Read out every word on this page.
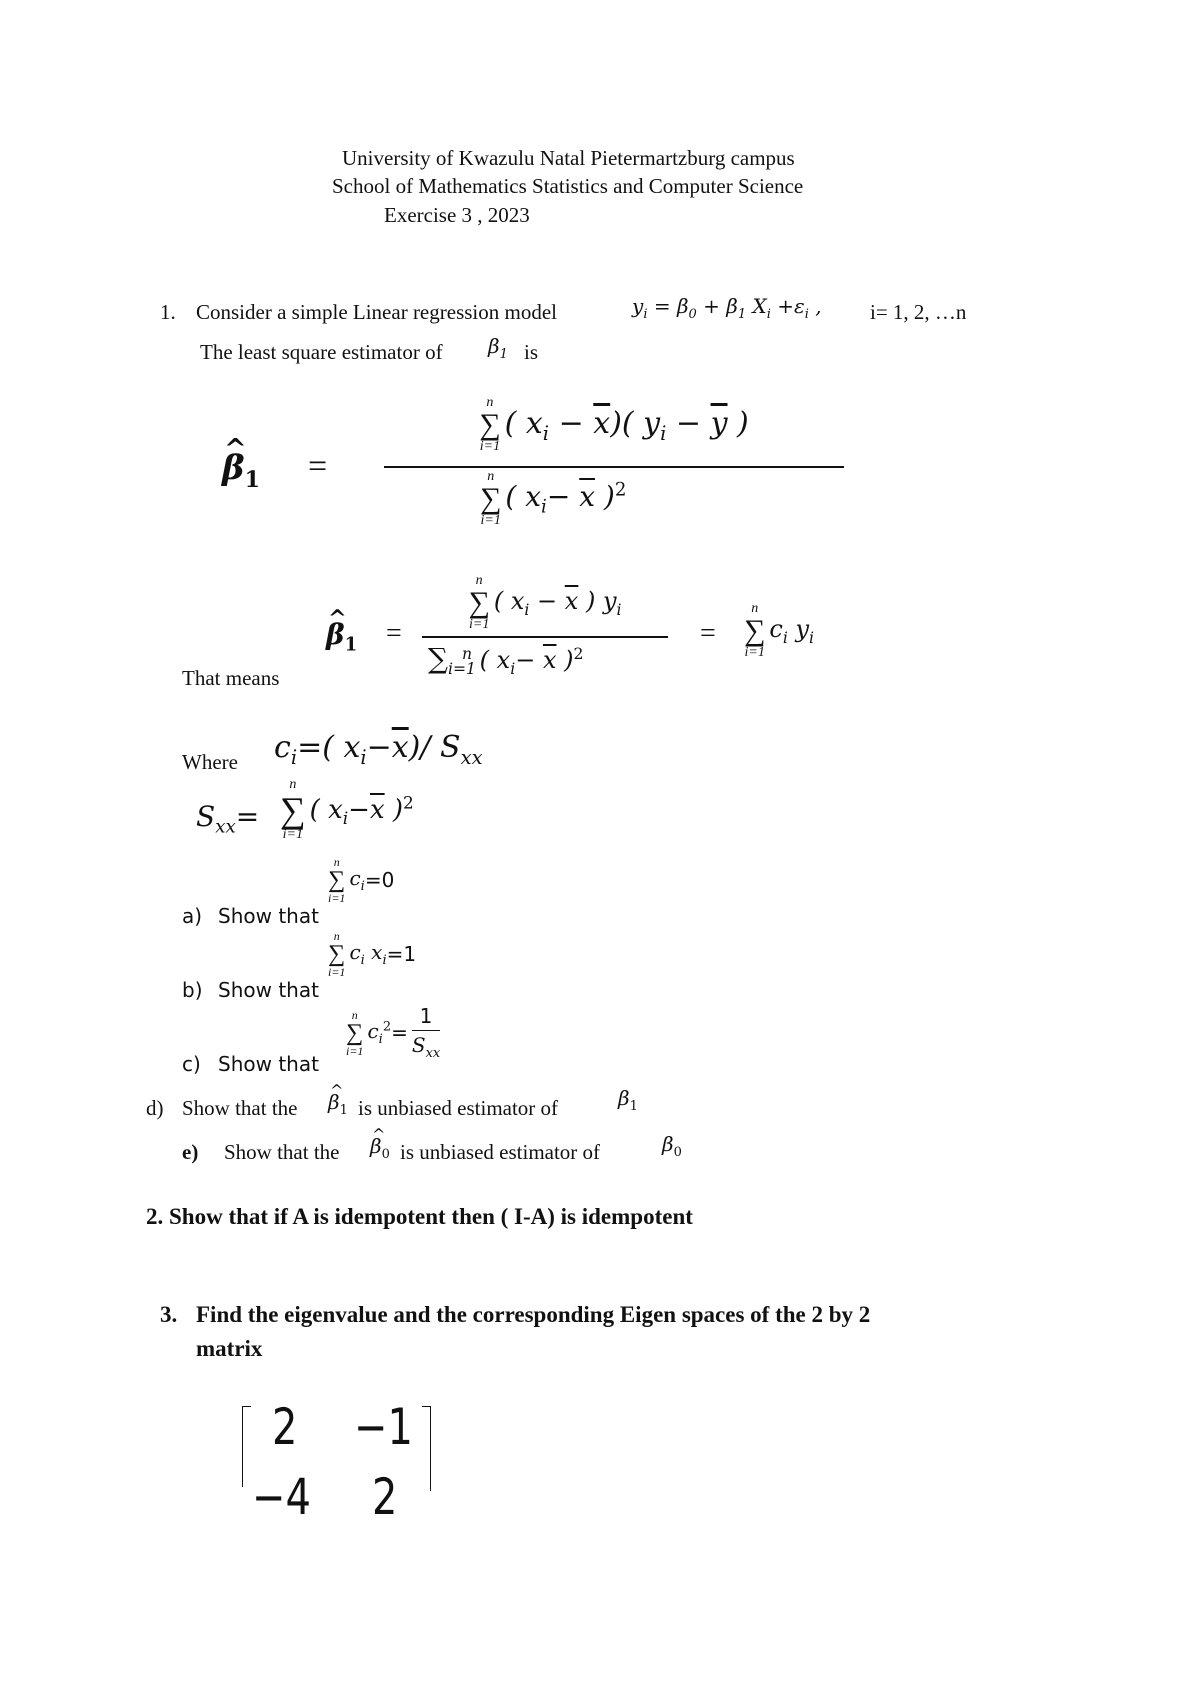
University of Kwazulu Natal Pietermartzburg campus
School of Mathematics Statistics and Computer Science
Exercise 3 , 2023
1. Consider a simple Linear regression model	$y_i = \beta_0 + \beta_1$ $X_i +\varepsilon_i$ , i= 1, 2, …n
The least square estimator of $\beta_1$ is
^ $\beta_1$ =
n
∑
i=1
( $x_i - \overline{x}$)( $y_i - \overline{y}$ )
n
∑
i=1
( $x_i- \overline{x}$ )$^2$
^ $\beta_1$ =
n
∑
i=1
( $x_i - \overline{x}$ ) $y_i$
$\sum_{i=1}^n$ ( $x_i- \overline{x}$ )$^2$
=
n
∑
i=1
$c_i$ $y_i$
That means
Where $c_i=$( $x_i-\overline{x})/$ $S_{xx}$
$S_{xx}=$
n
∑
i=1
( $x_i-\overline{x}$ )$^2$
a) Show that
n
∑
i=1
$c_i=0$
b) Show that
n
∑
i=1
$c_i$ $x_i=1$
c) Show that
n
∑
i=1
$c_i^2= \frac{1}{S_{xx}}$
d) Show that the ^ $\beta_1$ is unbiased estimator of	$\beta_1$
e) Show that the ^ $\beta_0$ is unbiased estimator of	$\beta_0$
2. Show that if A is idempotent then ( I-A) is idempotent
3. Find the eigenvalue and the corresponding Eigen spaces of the 2 by 2
matrix
2 −1
−4 2
